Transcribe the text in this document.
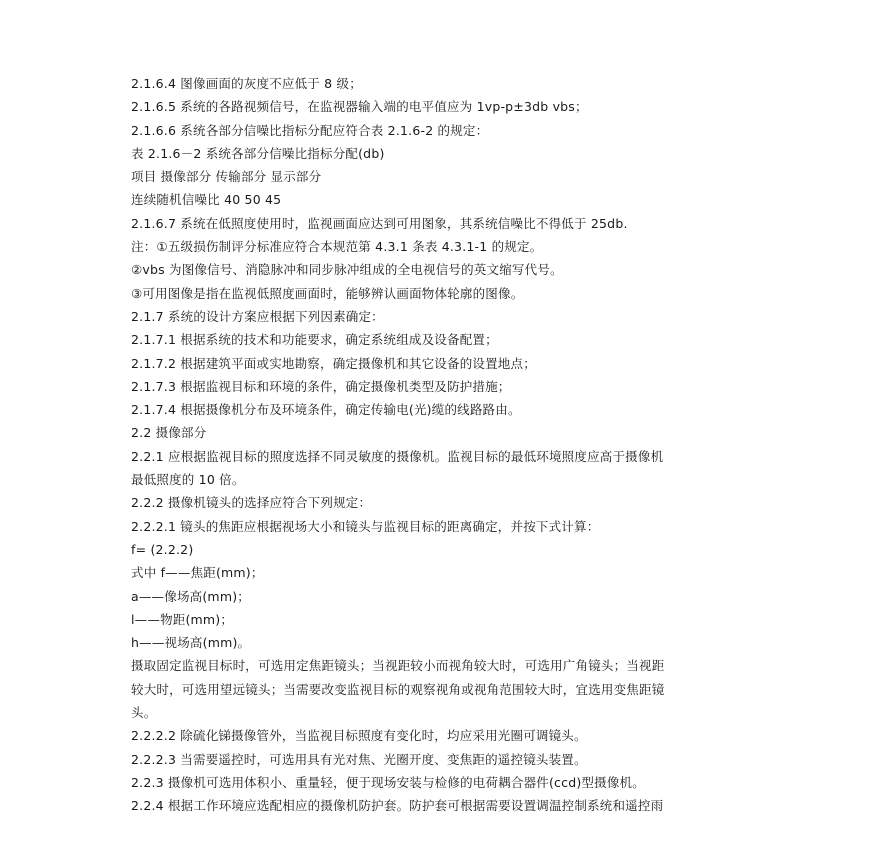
2.1.6.4 图像画面的灰度不应低于 8 级；
2.1.6.5 系统的各路视频信号，在监视器输入端的电平值应为 1vp-p±3db vbs；
2.1.6.6 系统各部分信噪比指标分配应符合表 2.1.6-2 的规定：
表 2.1.6－2 系统各部分信噪比指标分配(db)
项目 摄像部分 传输部分 显示部分
连续随机信噪比 40 50 45
2.1.6.7 系统在低照度使用时，监视画面应达到可用图象，其系统信噪比不得低于 25db.
注：①五级损伤制评分标准应符合本规范第 4.3.1 条表 4.3.1-1 的规定。
②vbs 为图像信号、消隐脉冲和同步脉冲组成的全电视信号的英文缩写代号。
③可用图像是指在监视低照度画面时，能够辨认画面物体轮廓的图像。
2.1.7 系统的设计方案应根据下列因素确定：
2.1.7.1 根据系统的技术和功能要求，确定系统组成及设备配置；
2.1.7.2 根据建筑平面或实地勘察，确定摄像机和其它设备的设置地点；
2.1.7.3 根据监视目标和环境的条件，确定摄像机类型及防护措施；
2.1.7.4 根据摄像机分布及环境条件，确定传输电(光)缆的线路路由。
2.2 摄像部分
2.2.1 应根据监视目标的照度选择不同灵敏度的摄像机。监视目标的最低环境照度应高于摄像机
最低照度的 10 倍。
2.2.2 摄像机镜头的选择应符合下列规定：
2.2.2.1 镜头的焦距应根据视场大小和镜头与监视目标的距离确定，并按下式计算：
f= (2.2.2)
式中 f——焦距(mm)；
a——像场高(mm)；
l——物距(mm)；
h——视场高(mm)。
摄取固定监视目标时，可选用定焦距镜头；当视距较小而视角较大时，可选用广角镜头；当视距
较大时，可选用望远镜头；当需要改变监视目标的观察视角或视角范围较大时，宜选用变焦距镜
头。
2.2.2.2 除硫化锑摄像管外，当监视目标照度有变化时，均应采用光圈可调镜头。
2.2.2.3 当需要遥控时，可选用具有光对焦、光圈开度、变焦距的遥控镜头装置。
2.2.3 摄像机可选用体积小、重量轻，便于现场安装与检修的电荷耦合器件(ccd)型摄像机。
2.2.4 根据工作环境应选配相应的摄像机防护套。防护套可根据需要设置调温控制系统和遥控雨
